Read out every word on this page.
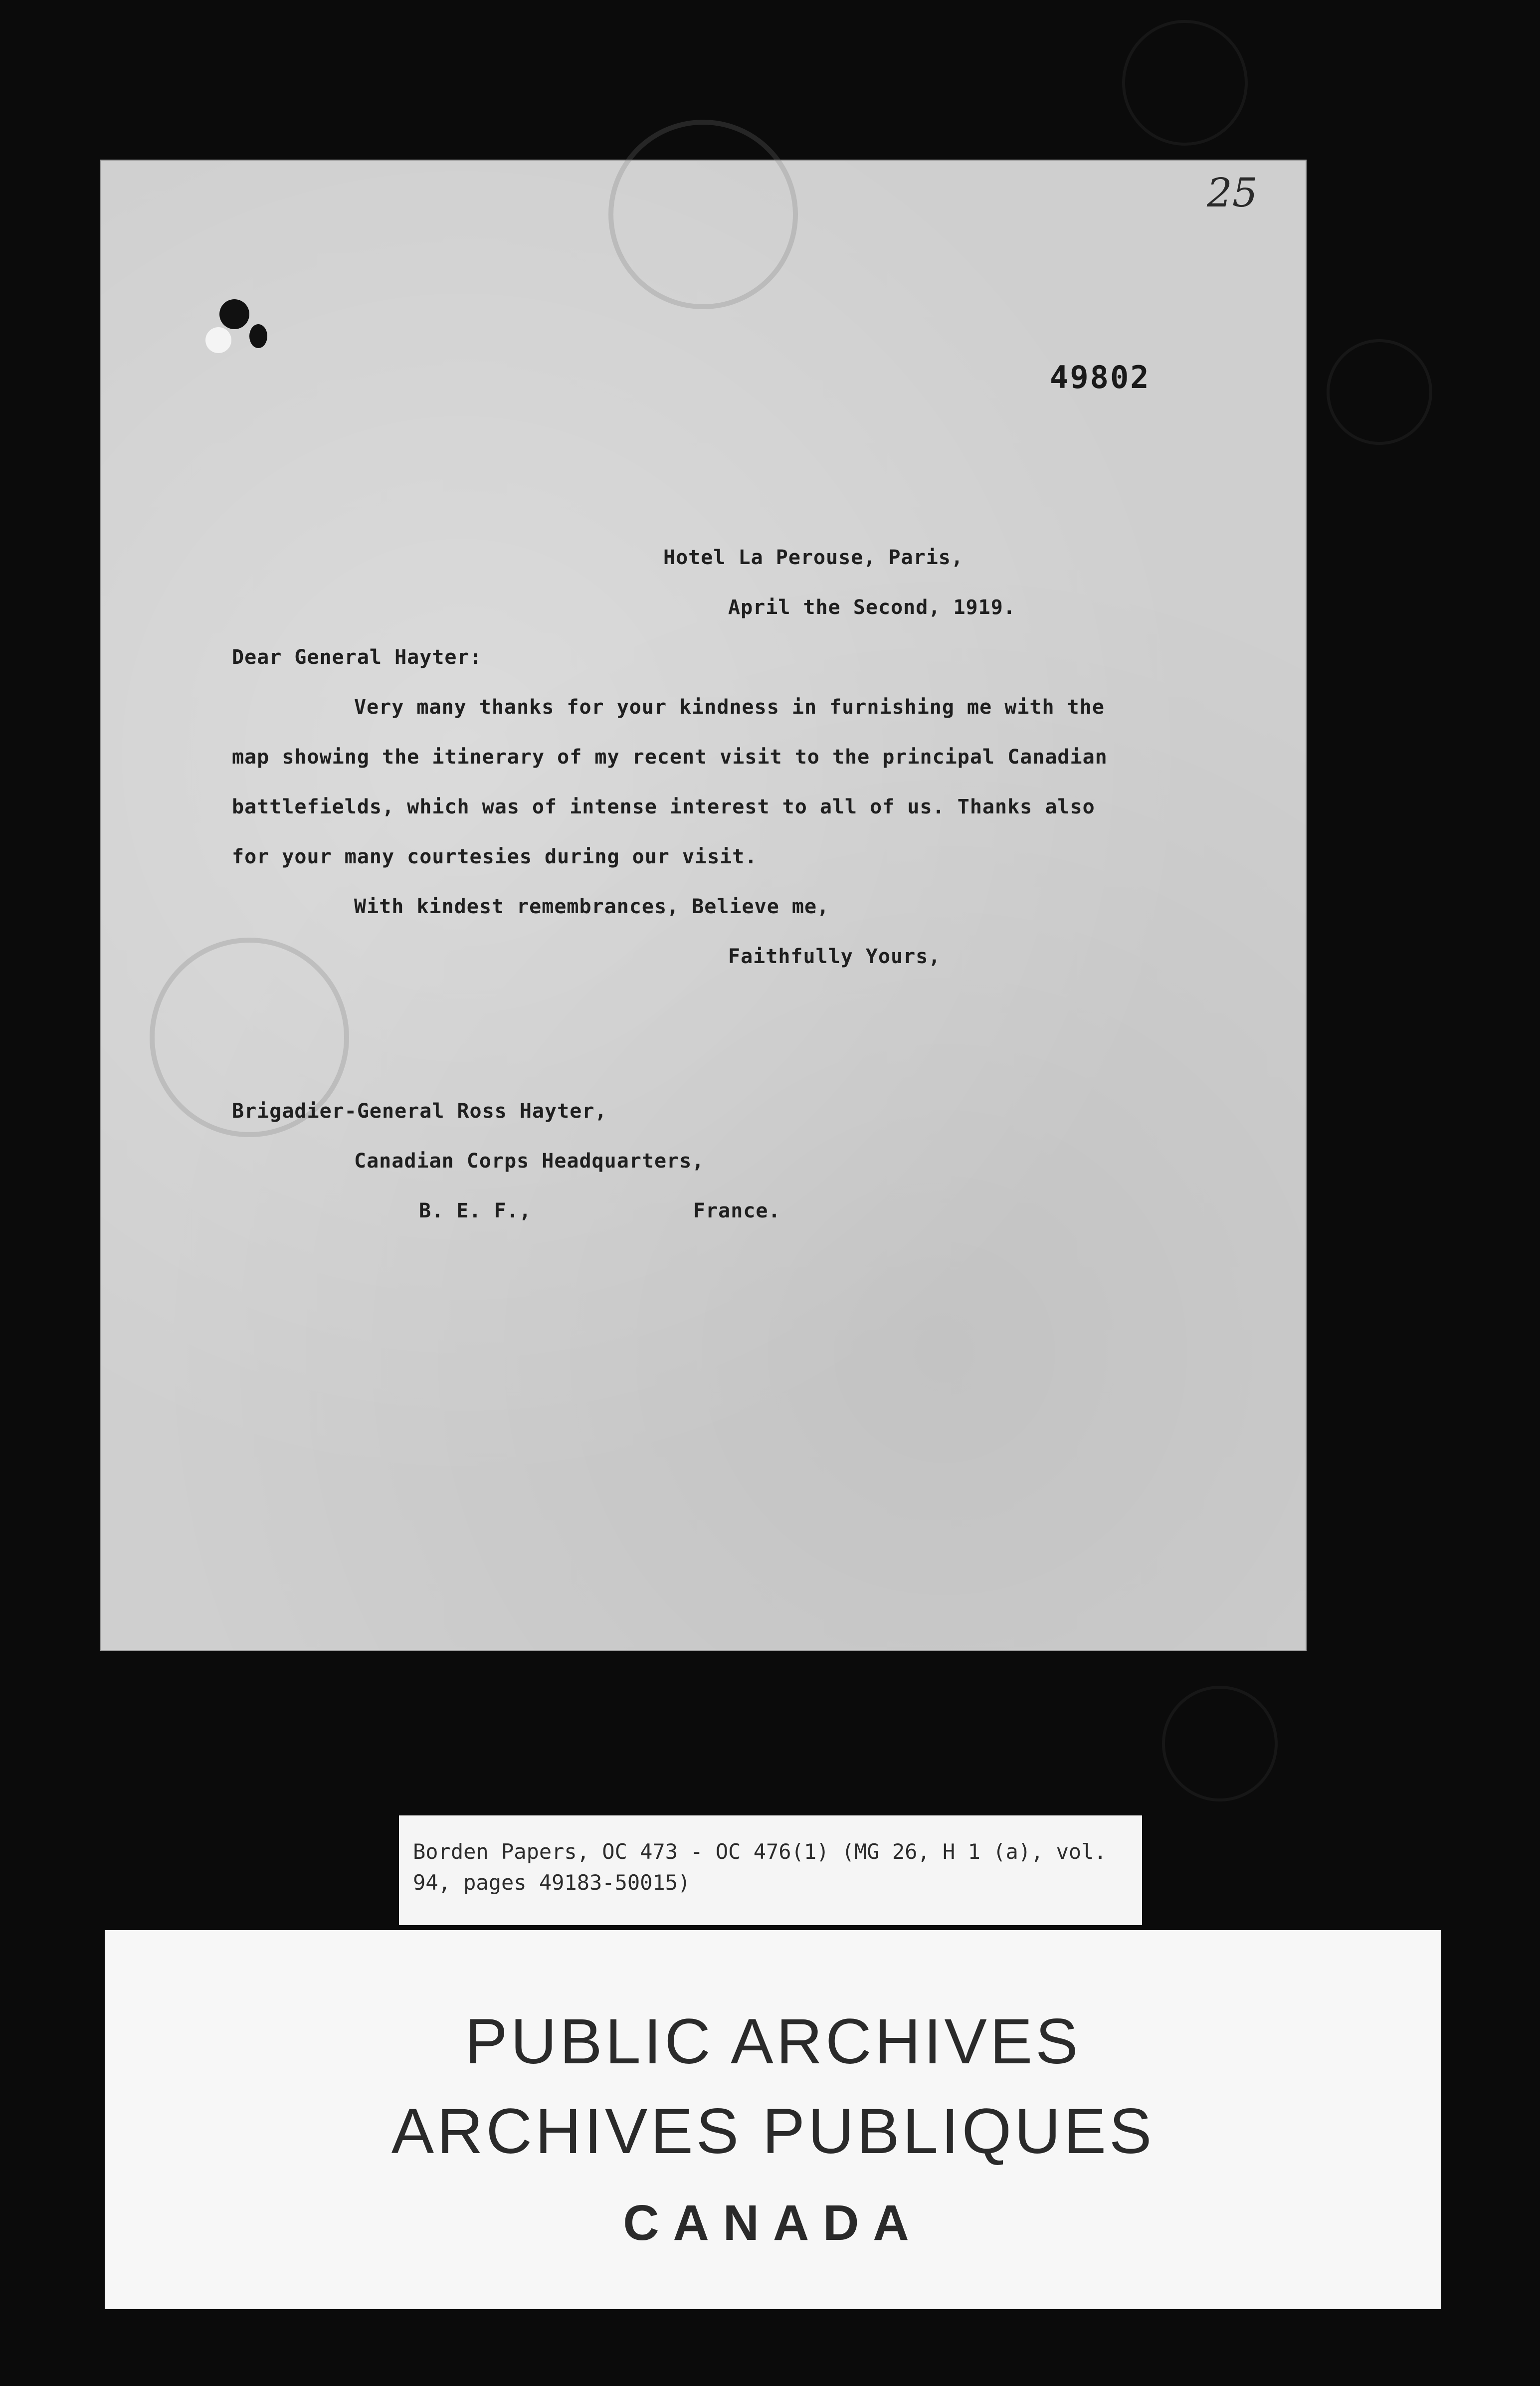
25
49802
Hotel La Perouse, Paris,
April the Second, 1919.
Dear General Hayter:
Very many thanks for your kindness in furnishing me with the
map showing the itinerary of my recent visit to the principal Canadian
battlefields, which was of intense interest to all of us. Thanks also
for your many courtesies during our visit.
With kindest remembrances, Believe me,
Faithfully Yours,
Brigadier-General Ross Hayter,
Canadian Corps Headquarters,
B. E. F.,	France.
Borden Papers, OC 473 - OC 476(1) (MG 26, H 1 (a), vol.
94, pages 49183-50015)
PUBLIC ARCHIVES
ARCHIVES PUBLIQUES
CANADA
